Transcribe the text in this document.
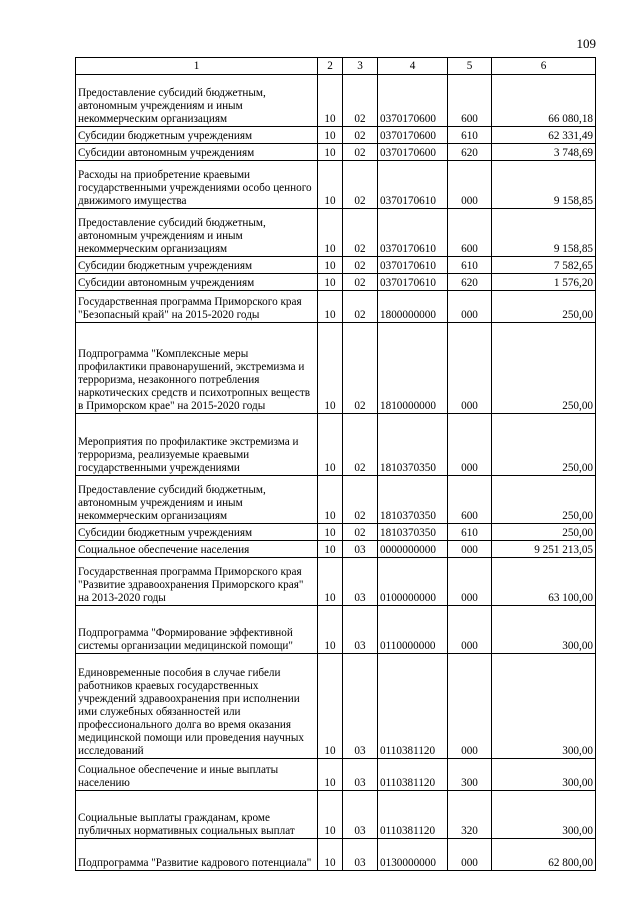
109
1	2	3	4	5	6
Предоставление субсидий бюджетным, автономным учреждениям и иным некоммерческим организациям	10	02	0370170600	600	66 080,18
Субсидии бюджетным учреждениям	10	02	0370170600	610	62 331,49
Субсидии автономным учреждениям	10	02	0370170600	620	3 748,69
Расходы на приобретение краевыми государственными учреждениями особо ценного движимого имущества	10	02	0370170610	000	9 158,85
Предоставление субсидий бюджетным, автономным учреждениям и иным некоммерческим организациям	10	02	0370170610	600	9 158,85
Субсидии бюджетным учреждениям	10	02	0370170610	610	7 582,65
Субсидии автономным учреждениям	10	02	0370170610	620	1 576,20
Государственная программа Приморского края "Безопасный край" на 2015-2020 годы	10	02	1800000000	000	250,00
Подпрограмма "Комплексные меры профилактики правонарушений, экстремизма и терроризма, незаконного потребления наркотических средств и психотропных веществ в Приморском крае" на 2015-2020 годы	10	02	1810000000	000	250,00
Мероприятия по профилактике экстремизма и терроризма, реализуемые краевыми государственными учреждениями	10	02	1810370350	000	250,00
Предоставление субсидий бюджетным, автономным учреждениям и иным некоммерческим организациям	10	02	1810370350	600	250,00
Субсидии бюджетным учреждениям	10	02	1810370350	610	250,00
Социальное обеспечение населения	10	03	0000000000	000	9 251 213,05
Государственная программа Приморского края "Развитие здравоохранения Приморского края" на 2013-2020 годы	10	03	0100000000	000	63 100,00
Подпрограмма "Формирование эффективной системы организации медицинской помощи"	10	03	0110000000	000	300,00
Единовременные пособия в случае гибели работников краевых государственных учреждений здравоохранения при исполнении ими служебных обязанностей или профессионального долга во время оказания медицинской помощи или проведения научных исследований	10	03	0110381120	000	300,00
Социальное обеспечение и иные выплаты населению	10	03	0110381120	300	300,00
Социальные выплаты гражданам, кроме публичных нормативных социальных выплат	10	03	0110381120	320	300,00
Подпрограмма "Развитие кадрового потенциала"	10	03	0130000000	000	62 800,00
